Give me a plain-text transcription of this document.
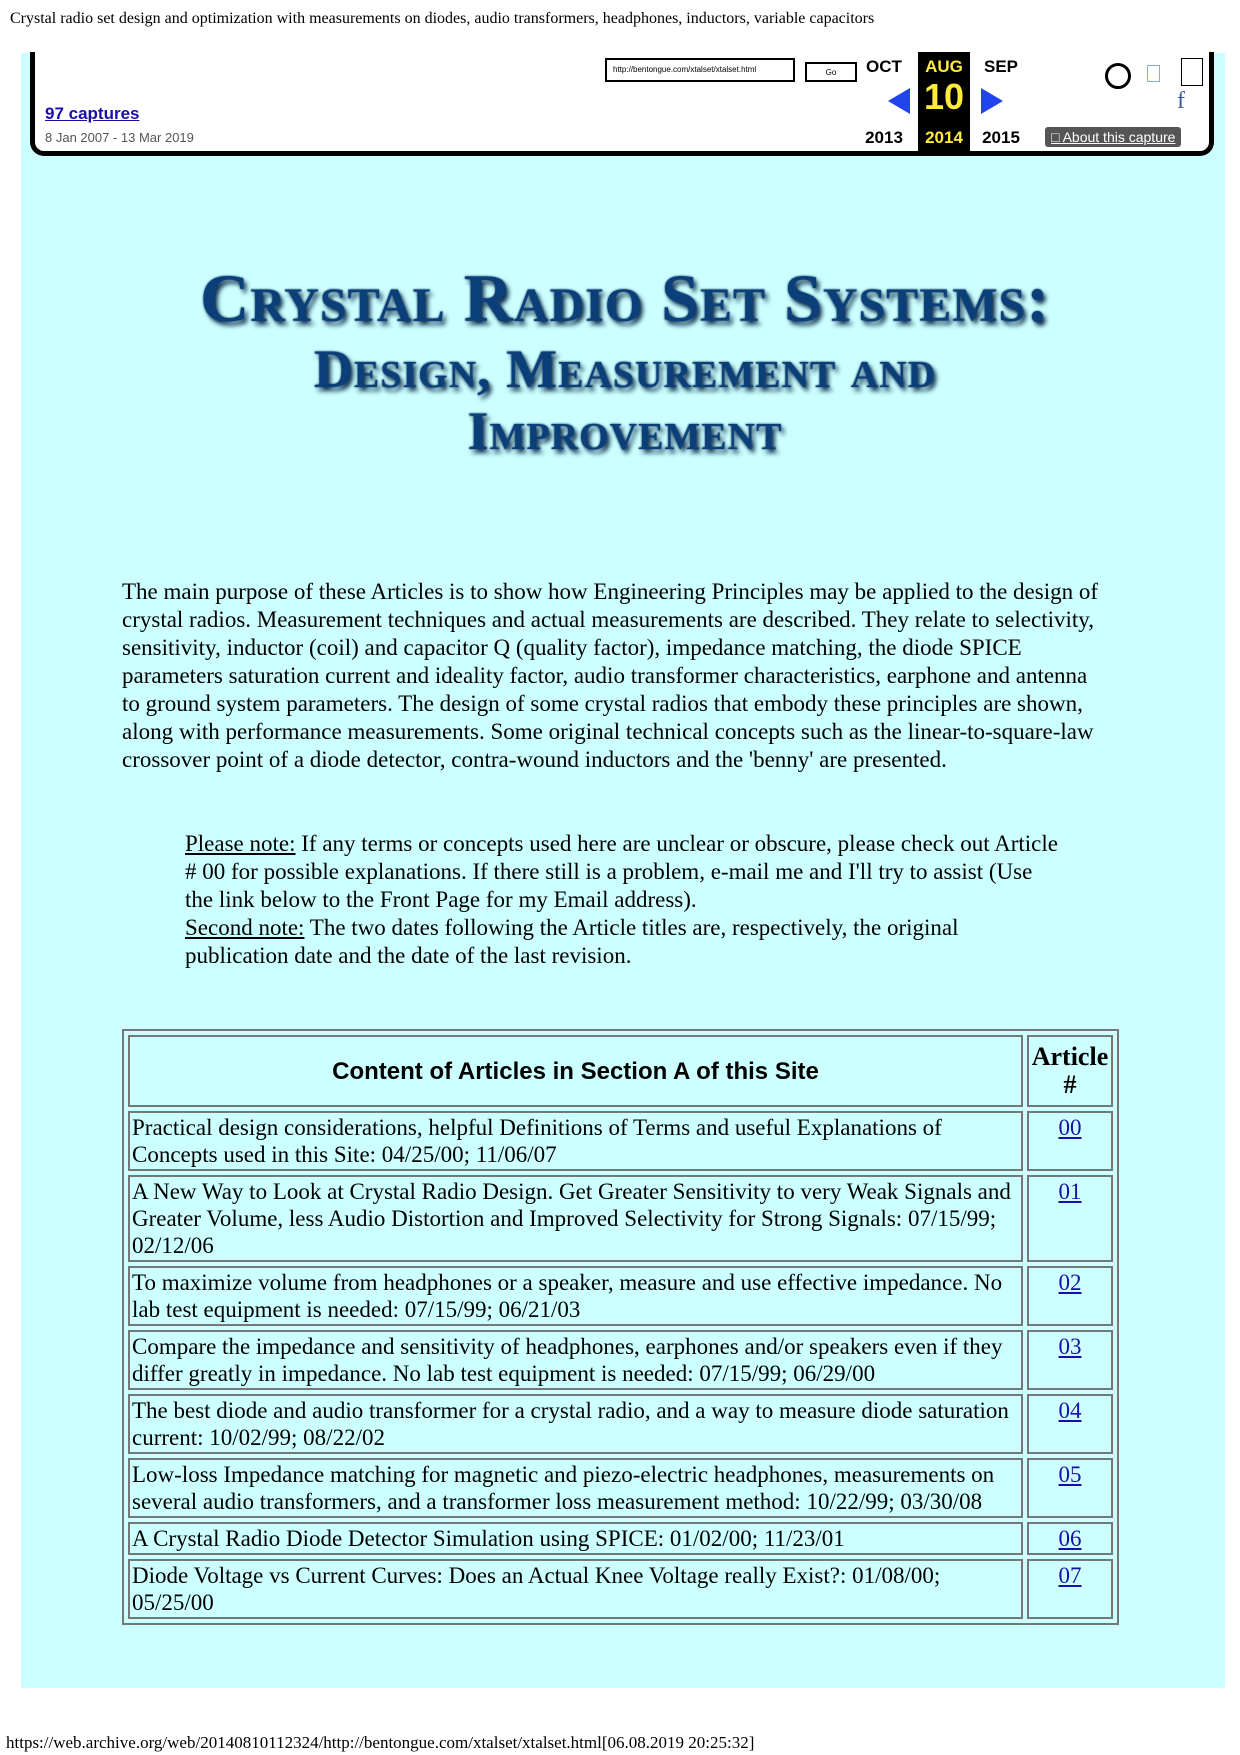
Crystal radio set design and optimization with measurements on diodes, audio transformers, headphones, inductors, variable capacitors
97 captures
8 Jan 2007 - 13 Mar 2019
http://bentongue.com/xtalset/xtalset.html	Go	OCT	AUG	SEP
10
2013	2014	2015
f
□ About this capture
Crystal Radio Set Systems:
Design, Measurement and
Improvement
The main purpose of these Articles is to show how Engineering Principles may be applied to the design of crystal radios. Measurement techniques and actual measurements are described. They relate to selectivity, sensitivity, inductor (coil) and capacitor Q (quality factor), impedance matching, the diode SPICE parameters saturation current and ideality factor, audio transformer characteristics, earphone and antenna to ground system parameters. The design of some crystal radios that embody these principles are shown, along with performance measurements. Some original technical concepts such as the linear-to-square-law crossover point of a diode detector, contra-wound inductors and the 'benny' are presented.
Please note: If any terms or concepts used here are unclear or obscure, please check out Article # 00 for possible explanations. If there still is a problem, e-mail me and I'll try to assist (Use the link below to the Front Page for my Email address).
Second note: The two dates following the Article titles are, respectively, the original publication date and the date of the last revision.
Content of Articles in Section A of this Site	Article
#
Practical design considerations, helpful Definitions of Terms and useful Explanations of Concepts used in this Site: 04/25/00; 11/06/07	00
A New Way to Look at Crystal Radio Design. Get Greater Sensitivity to very Weak Signals and Greater Volume, less Audio Distortion and Improved Selectivity for Strong Signals: 07/15/99; 02/12/06	01
To maximize volume from headphones or a speaker, measure and use effective impedance. No lab test equipment is needed: 07/15/99; 06/21/03	02
Compare the impedance and sensitivity of headphones, earphones and/or speakers even if they differ greatly in impedance. No lab test equipment is needed: 07/15/99; 06/29/00	03
The best diode and audio transformer for a crystal radio, and a way to measure diode saturation current: 10/02/99; 08/22/02	04
Low-loss Impedance matching for magnetic and piezo-electric headphones, measurements on several audio transformers, and a transformer loss measurement method: 10/22/99; 03/30/08	05
A Crystal Radio Diode Detector Simulation using SPICE: 01/02/00; 11/23/01	06
Diode Voltage vs Current Curves: Does an Actual Knee Voltage really Exist?: 01/08/00; 05/25/00	07
https://web.archive.org/web/20140810112324/http://bentongue.com/xtalset/xtalset.html[06.08.2019 20:25:32]
